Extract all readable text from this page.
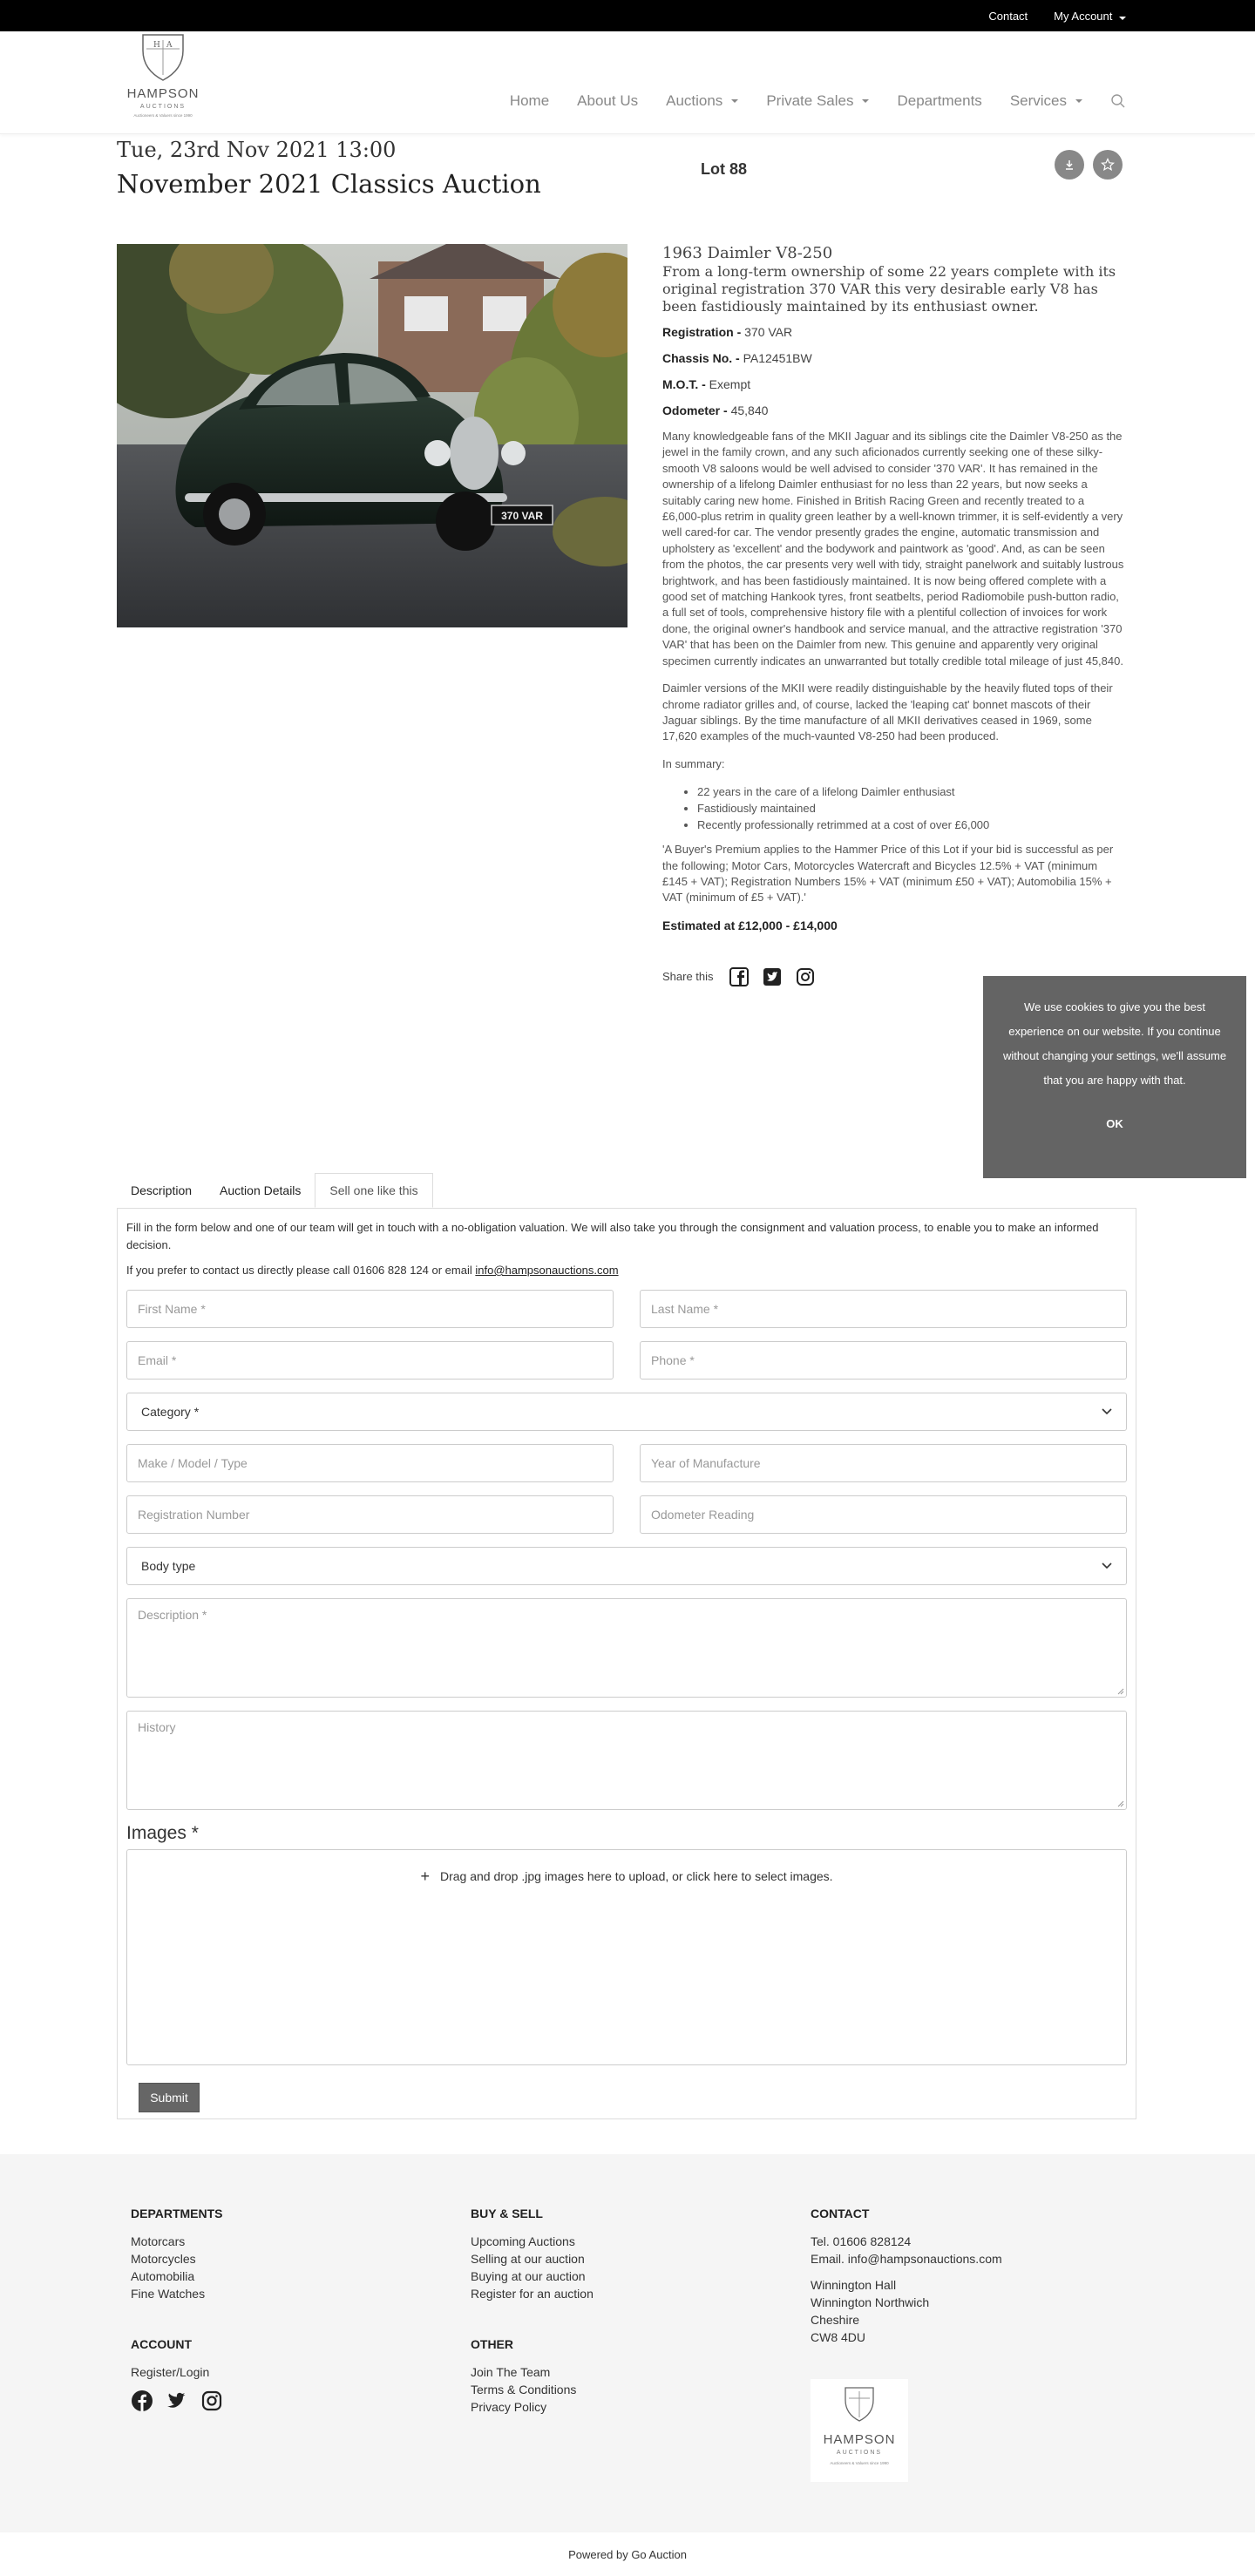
Contact My Account
H A
HAMPSON
AUCTIONS
Auctioneers & Valuers since 1990
Home About Us Auctions	Private Sales	Departments Services
Tue, 23rd Nov 2021 13:00
November 2021 Classics Auction	Lot 88
370 VAR
1963 Daimler V8-250
From a long-term ownership of some 22 years complete with its original registration 370 VAR this very desirable early V8 has been fastidiously maintained by its enthusiast owner.
Registration - 370 VAR
Chassis No. - PA12451BW
M.O.T. - Exempt
Odometer - 45,840
Many knowledgeable fans of the MKII Jaguar and its siblings cite the Daimler V8-250 as the jewel in the family crown, and any such aficionados currently seeking one of these silky-smooth V8 saloons would be well advised to consider '370 VAR'. It has remained in the ownership of a lifelong Daimler enthusiast for no less than 22 years, but now seeks a suitably caring new home. Finished in British Racing Green and recently treated to a £6,000-plus retrim in quality green leather by a well-known trimmer, it is self-evidently a very well cared-for car. The vendor presently grades the engine, automatic transmission and upholstery as 'excellent' and the bodywork and paintwork as 'good'. And, as can be seen from the photos, the car presents very well with tidy, straight panelwork and suitably lustrous brightwork, and has been fastidiously maintained. It is now being offered complete with a good set of matching Hankook tyres, front seatbelts, period Radiomobile push-button radio, a full set of tools, comprehensive history file with a plentiful collection of invoices for work done, the original owner's handbook and service manual, and the attractive registration '370 VAR' that has been on the Daimler from new. This genuine and apparently very original specimen currently indicates an unwarranted but totally credible total mileage of just 45,840.
Daimler versions of the MKII were readily distinguishable by the heavily fluted tops of their chrome radiator grilles and, of course, lacked the 'leaping cat' bonnet mascots of their Jaguar siblings. By the time manufacture of all MKII derivatives ceased in 1969, some 17,620 examples of the much-vaunted V8-250 had been produced.
In summary:
• 22 years in the care of a lifelong Daimler enthusiast
• Fastidiously maintained
• Recently professionally retrimmed at a cost of over £6,000
'A Buyer's Premium applies to the Hammer Price of this Lot if your bid is successful as per the following; Motor Cars, Motorcycles Watercraft and Bicycles 12.5% + VAT (minimum £145 + VAT); Registration Numbers 15% + VAT (minimum £50 + VAT); Automobilia 15% + VAT (minimum of £5 + VAT).'
Estimated at £12,000 - £14,000
Share this
We use cookies to give you the best experience on our website. If you continue without changing your settings, we'll assume that you are happy with that.
OK
Description	Auction Details	Sell one like this
Fill in the form below and one of our team will get in touch with a no-obligation valuation. We will also take you through the consignment and valuation process, to enable you to make an informed decision.
If you prefer to contact us directly please call 01606 828 124 or email info@hampsonauctions.com
First Name *	Last Name *
Email *	Phone *
Category *
Make / Model / Type	Year of Manufacture
Registration Number	Odometer Reading
Body type
Description *
History
Images *
+ Drag and drop .jpg images here to upload, or click here to select images.
Submit
DEPARTMENTS
Motorcars
Motorcycles
Automobilia
Fine Watches
BUY & SELL
Upcoming Auctions
Selling at our auction
Buying at our auction
Register for an auction
CONTACT
Tel. 01606 828124
Email. info@hampsonauctions.com
Winnington Hall
Winnington Northwich
Cheshire
CW8 4DU
ACCOUNT
Register/Login
OTHER
Join The Team
Terms & Conditions
Privacy Policy
HAMPSON
AUCTIONS
Auctioneers & Valuers since 1990
Powered by Go Auction
